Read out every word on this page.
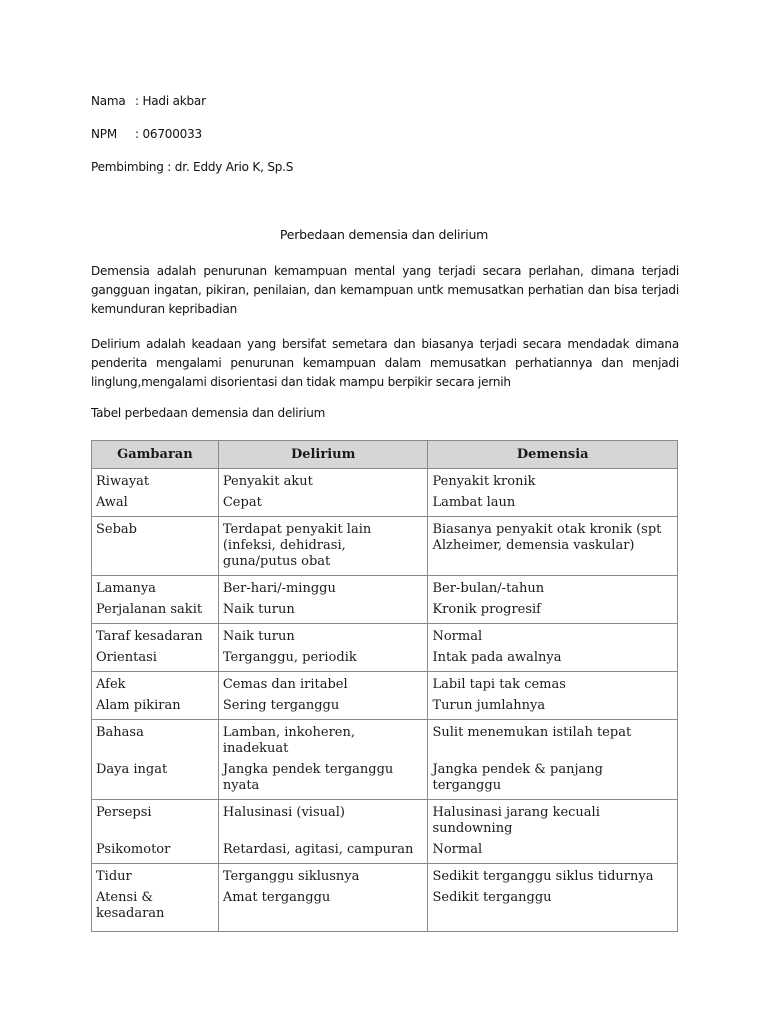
Nama : Hadi akbar
NPM : 06700033
Pembimbing : dr. Eddy Ario K, Sp.S
Perbedaan demensia dan delirium

Demensia adalah penurunan kemampuan mental yang terjadi secara perlahan, dimana terjadi gangguan ingatan, pikiran, penilaian, dan kemampuan untk memusatkan perhatian dan bisa terjadi kemunduran kepribadian

Delirium adalah keadaan yang bersifat semetara dan biasanya terjadi secara mendadak dimana penderita mengalami penurunan kemampuan dalam memusatkan perhatiannya dan menjadi linglung,mengalami disorientasi dan tidak mampu berpikir secara jernih

Tabel perbedaan demensia dan delirium
Gambaran	Delirium	Demensia
Riwayat	Penyakit akut	Penyakit kronik
Awal	Cepat	Lambat laun
Sebab	Terdapat penyakit lain (infeksi, dehidrasi, guna/putus obat	Biasanya penyakit otak kronik (spt Alzheimer, demensia vaskular)
Lamanya	Ber-hari/-minggu	Ber-bulan/-tahun
Perjalanan sakit	Naik turun	Kronik progresif
Taraf kesadaran	Naik turun	Normal
Orientasi	Terganggu, periodik	Intak pada awalnya
Afek	Cemas dan iritabel	Labil tapi tak cemas
Alam pikiran	Sering terganggu	Turun jumlahnya
Bahasa	Lamban, inkoheren, inadekuat	Sulit menemukan istilah tepat
Daya ingat	Jangka pendek terganggu nyata	Jangka pendek & panjang terganggu
Persepsi	Halusinasi (visual)	Halusinasi jarang kecuali sundowning
Psikomotor	Retardasi, agitasi, campuran	Normal
Tidur	Terganggu siklusnya	Sedikit terganggu siklus tidurnya
Atensi & kesadaran	Amat terganggu	Sedikit terganggu
